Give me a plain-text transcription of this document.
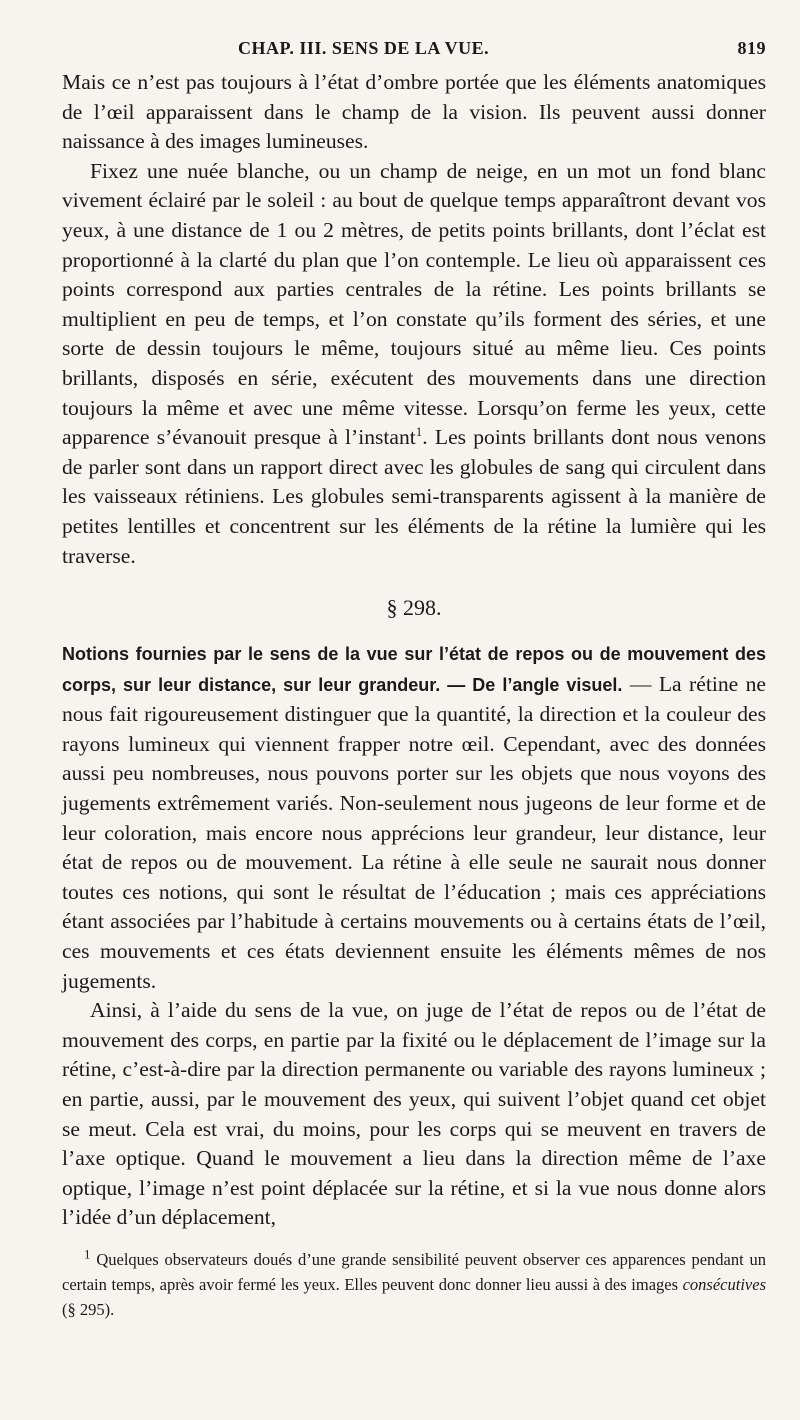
CHAP. III. SENS DE LA VUE.	819

Mais ce n’est pas toujours à l’état d’ombre portée que les éléments anatomiques de l’œil apparaissent dans le champ de la vision. Ils peuvent aussi donner naissance à des images lumineuses.

Fixez une nuée blanche, ou un champ de neige, en un mot un fond blanc vivement éclairé par le soleil : au bout de quelque temps apparaîtront devant vos yeux, à une distance de 1 ou 2 mètres, de petits points brillants, dont l’éclat est proportionné à la clarté du plan que l’on contemple. Le lieu où apparaissent ces points correspond aux parties centrales de la rétine. Les points brillants se multiplient en peu de temps, et l’on constate qu’ils forment des séries, et une sorte de dessin toujours le même, toujours situé au même lieu. Ces points brillants, disposés en série, exécutent des mouvements dans une direction toujours la même et avec une même vitesse. Lorsqu’on ferme les yeux, cette apparence s’évanouit presque à l’instant$^1$. Les points brillants dont nous venons de parler sont dans un rapport direct avec les globules de sang qui circulent dans les vaisseaux rétiniens. Les globules semi-transparents agissent à la manière de petites lentilles et concentrent sur les éléments de la rétine la lumière qui les traverse.

§ 298.

Notions fournies par le sens de la vue sur l’état de repos ou de mouvement des corps, sur leur distance, sur leur grandeur. — De l’angle visuel. — La rétine ne nous fait rigoureusement distinguer que la quantité, la direction et la couleur des rayons lumineux qui viennent frapper notre œil. Cependant, avec des données aussi peu nombreuses, nous pouvons porter sur les objets que nous voyons des jugements extrêmement variés. Non-seulement nous jugeons de leur forme et de leur coloration, mais encore nous apprécions leur grandeur, leur distance, leur état de repos ou de mouvement. La rétine à elle seule ne saurait nous donner toutes ces notions, qui sont le résultat de l’éducation ; mais ces appréciations étant associées par l’habitude à certains mouvements ou à certains états de l’œil, ces mouvements et ces états deviennent ensuite les éléments mêmes de nos jugements.

Ainsi, à l’aide du sens de la vue, on juge de l’état de repos ou de l’état de mouvement des corps, en partie par la fixité ou le déplacement de l’image sur la rétine, c’est-à-dire par la direction permanente ou variable des rayons lumineux ; en partie, aussi, par le mouvement des yeux, qui suivent l’objet quand cet objet se meut. Cela est vrai, du moins, pour les corps qui se meuvent en travers de l’axe optique. Quand le mouvement a lieu dans la direction même de l’axe optique, l’image n’est point déplacée sur la rétine, et si la vue nous donne alors l’idée d’un déplacement,

$^1$ Quelques observateurs doués d’une grande sensibilité peuvent observer ces apparences pendant un certain temps, après avoir fermé les yeux. Elles peuvent donc donner lieu aussi à des images consécutives (§ 295).
